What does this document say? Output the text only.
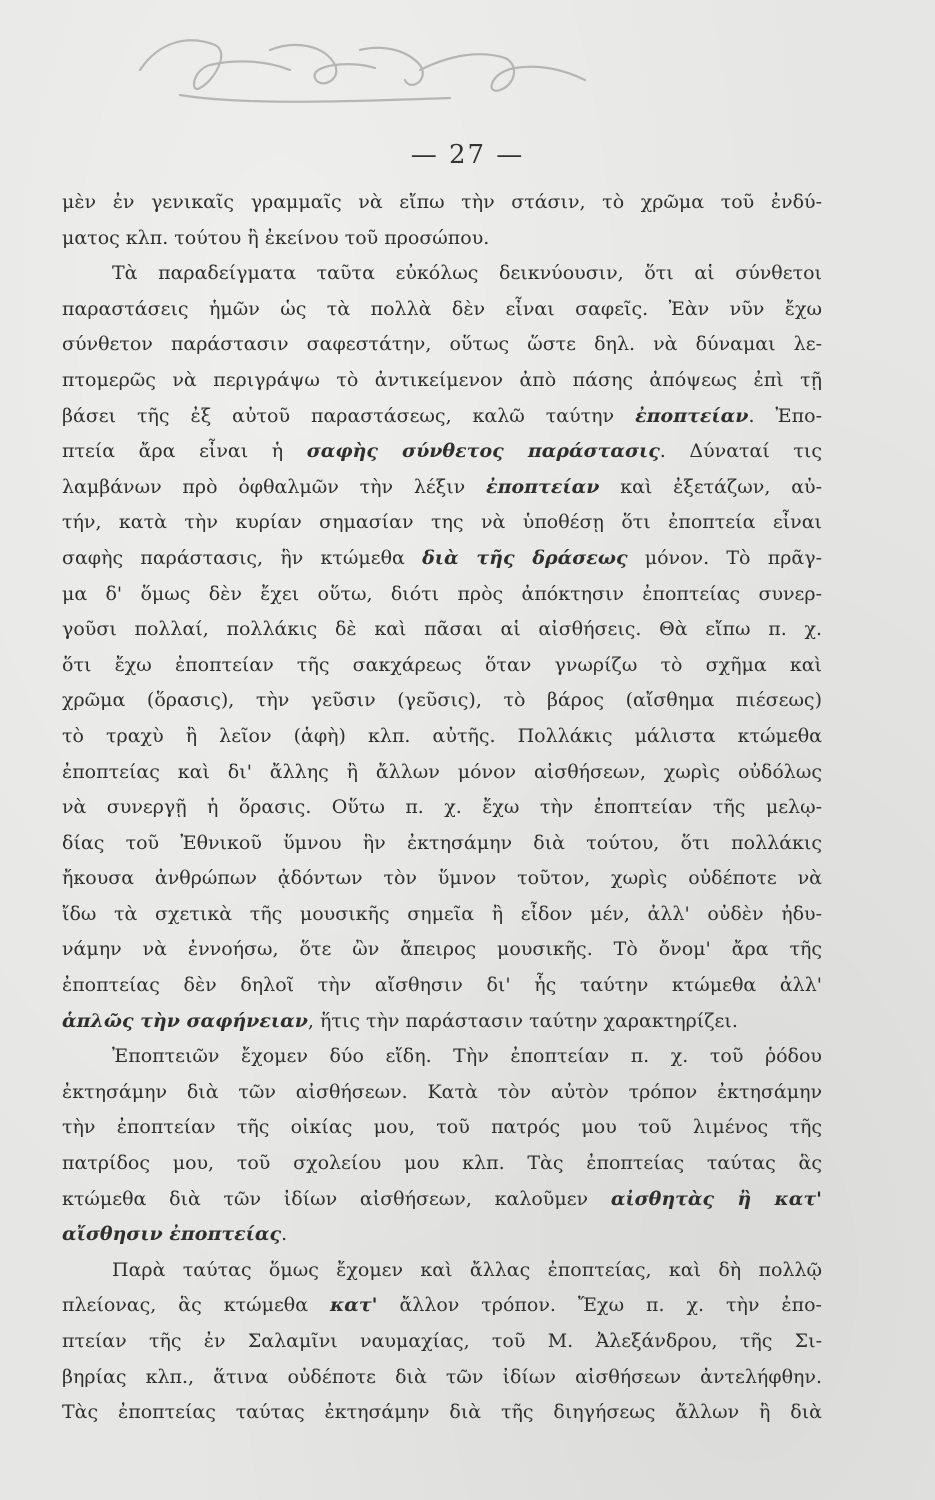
— 27 —
μὲν ἐν γενικαῖς γραμμαῖς νὰ εἴπω τὴν στάσιν, τὸ χρῶμα τοῦ ἐνδύ-
ματος κλπ. τούτου ἢ ἐκείνου τοῦ προσώπου.
Τὰ παραδείγματα ταῦτα εὐκόλως δεικνύουσιν, ὅτι αἱ σύνθετοι
παραστάσεις ἡμῶν ὡς τὰ πολλὰ δὲν εἶναι σαφεῖς. Ἐὰν νῦν ἔχω
σύνθετον παράστασιν σαφεστάτην, οὕτως ὥστε δηλ. νὰ δύναμαι λε-
πτομερῶς νὰ περιγράψω τὸ ἀντικείμενον ἀπὸ πάσης ἀπόψεως ἐπὶ τῇ
βάσει τῆς ἐξ αὐτοῦ παραστάσεως, καλῶ ταύτην ἐποπτείαν. Ἐπο-
πτεία ἄρα εἶναι ἡ σαφὴς σύνθετος παράστασις. Δύναταί τις
λαμβάνων πρὸ ὀφθαλμῶν τὴν λέξιν ἐποπτείαν καὶ ἐξετάζων, αὐ-
τήν, κατὰ τὴν κυρίαν σημασίαν της νὰ ὑποθέσῃ ὅτι ἐποπτεία εἶναι
σαφὴς παράστασις, ἣν κτώμεθα διὰ τῆς δράσεως μόνον. Τὸ πρᾶγ-
μα δ' ὅμως δὲν ἔχει οὕτω, διότι πρὸς ἀπόκτησιν ἐποπτείας συνερ-
γοῦσι πολλαί, πολλάκις δὲ καὶ πᾶσαι αἱ αἰσθήσεις. Θὰ εἴπω π. χ.
ὅτι ἔχω ἐποπτείαν τῆς σακχάρεως ὅταν γνωρίζω τὸ σχῆμα καὶ
χρῶμα (ὅρασις), τὴν γεῦσιν (γεῦσις), τὸ βάρος (αἴσθημα πιέσεως)
τὸ τραχὺ ἢ λεῖον (ἁφὴ) κλπ. αὐτῆς. Πολλάκις μάλιστα κτώμεθα
ἐποπτείας καὶ δι' ἄλλης ἢ ἄλλων μόνον αἰσθήσεων, χωρὶς οὐδόλως
νὰ συνεργῇ ἡ ὅρασις. Οὕτω π. χ. ἔχω τὴν ἐποπτείαν τῆς μελῳ-
δίας τοῦ Ἐθνικοῦ ὕμνου ἣν ἐκτησάμην διὰ τούτου, ὅτι πολλάκις
ἤκουσα ἀνθρώπων ᾀδόντων τὸν ὕμνον τοῦτον, χωρὶς οὐδέποτε νὰ
ἴδω τὰ σχετικὰ τῆς μουσικῆς σημεῖα ἢ εἶδον μέν, ἀλλ' οὐδὲν ἠδυ-
νάμην νὰ ἐννοήσω, ὅτε ὢν ἄπειρος μουσικῆς. Τὸ ὄνομ' ἄρα τῆς
ἐποπτείας δὲν δηλοῖ τὴν αἴσθησιν δι' ἧς ταύτην κτώμεθα ἀλλ'
ἁπλῶς τὴν σαφήνειαν, ἥτις τὴν παράστασιν ταύτην χαρακτηρίζει.
Ἐποπτειῶν ἔχομεν δύο εἴδη. Τὴν ἐποπτείαν π. χ. τοῦ ῥόδου
ἐκτησάμην διὰ τῶν αἰσθήσεων. Κατὰ τὸν αὐτὸν τρόπον ἐκτησάμην
τὴν ἐποπτείαν τῆς οἰκίας μου, τοῦ πατρός μου τοῦ λιμένος τῆς
πατρίδος μου, τοῦ σχολείου μου κλπ. Τὰς ἐποπτείας ταύτας ἃς
κτώμεθα διὰ τῶν ἰδίων αἰσθήσεων, καλοῦμεν αἰσθητὰς ἢ κατ'
αἴσθησιν ἐποπτείας.
Παρὰ ταύτας ὅμως ἔχομεν καὶ ἄλλας ἐποπτείας, καὶ δὴ πολλῷ
πλείονας, ἃς κτώμεθα κατ' ἄλλον τρόπον. Ἔχω π. χ. τὴν ἐπο-
πτείαν τῆς ἐν Σαλαμῖνι ναυμαχίας, τοῦ Μ. Ἀλεξάνδρου, τῆς Σι-
βηρίας κλπ., ἅτινα οὐδέποτε διὰ τῶν ἰδίων αἰσθήσεων ἀντελήφθην.
Τὰς ἐποπτείας ταύτας ἐκτησάμην διὰ τῆς διηγήσεως ἄλλων ἢ διὰ
